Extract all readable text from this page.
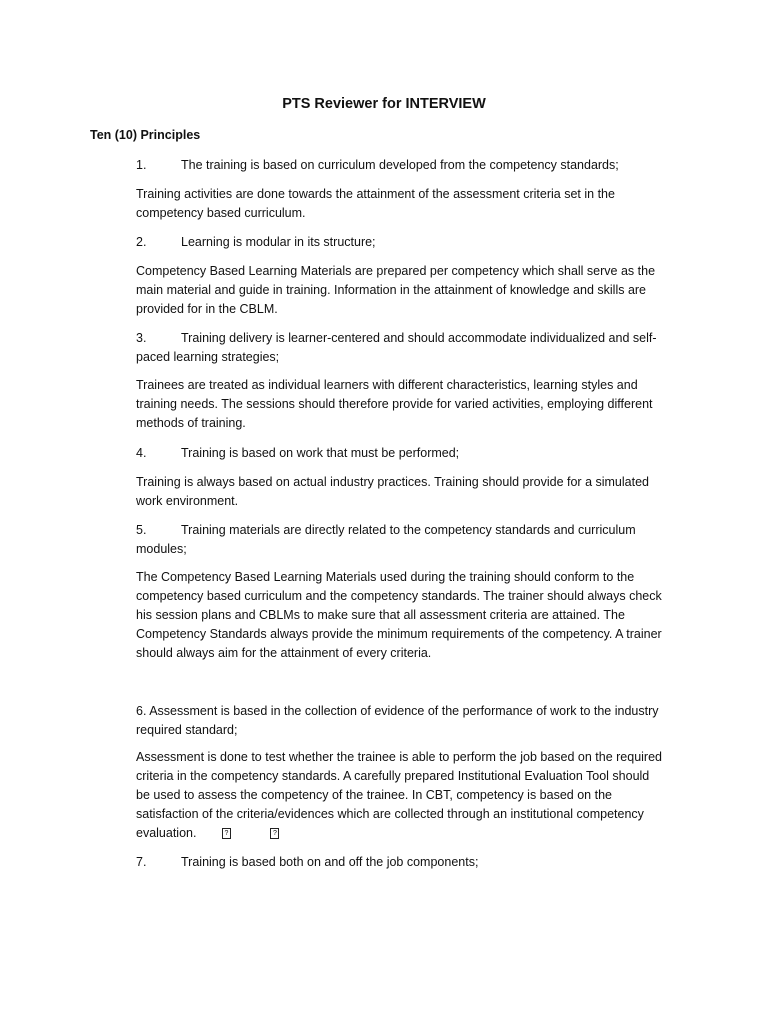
PTS Reviewer for INTERVIEW
Ten (10) Principles
1.	The training is based on curriculum developed from the competency standards;
Training activities are done towards the attainment of the assessment criteria set in the
competency based curriculum.
2.	Learning is modular in its structure;
Competency Based Learning Materials are prepared per competency which shall serve as the
main material and guide in training. Information in the attainment of knowledge and skills are
provided for in the CBLM.
3.	Training delivery is learner-centered and should accommodate individualized and self-
paced learning strategies;
Trainees are treated as individual learners with different characteristics, learning styles and
training needs. The sessions should therefore provide for varied activities, employing different
methods of training.
4.	Training is based on work that must be performed;
Training is always based on actual industry practices. Training should provide for a simulated
work environment.
5.	Training materials are directly related to the competency standards and curriculum
modules;
The Competency Based Learning Materials used during the training should conform to the
competency based curriculum and the competency standards. The trainer should always check
his session plans and CBLMs to make sure that all assessment criteria are attained. The
Competency Standards always provide the minimum requirements of the competency. A trainer
should always aim for the attainment of every criteria.
6. Assessment is based in the collection of evidence of the performance of work to the industry
required standard;
Assessment is done to test whether the trainee is able to perform the job based on the required
criteria in the competency standards. A carefully prepared Institutional Evaluation Tool should
be used to assess the competency of the trainee. In CBT, competency is based on the
satisfaction of the criteria/evidences which are collected through an institutional competency
evaluation.	?	?
7.	Training is based both on and off the job components;
